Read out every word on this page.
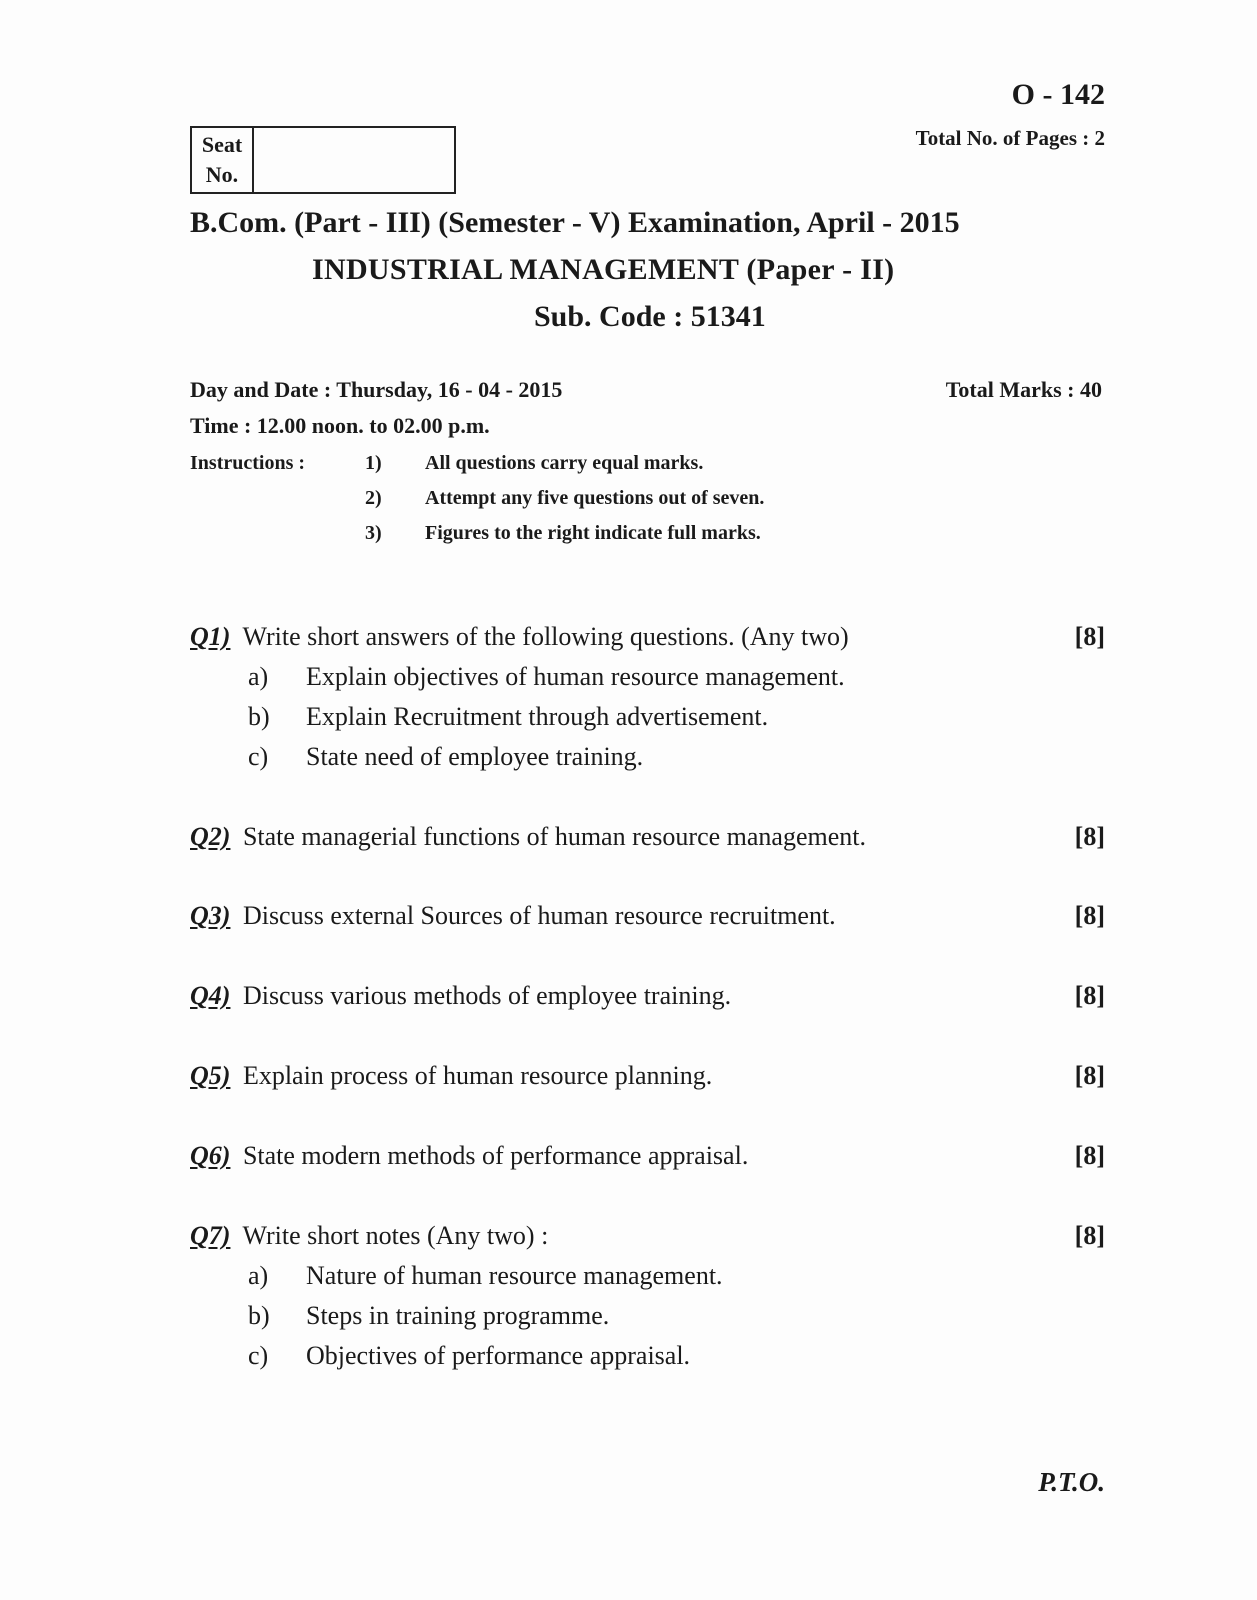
O - 142
Total No. of Pages : 2
Seat
No.
B.Com. (Part - III) (Semester - V) Examination, April - 2015
INDUSTRIAL MANAGEMENT (Paper - II)
Sub. Code : 51341
Day and Date : Thursday, 16 - 04 - 2015	Total Marks : 40
Time : 12.00 noon. to 02.00 p.m.
Instructions :	1) All questions carry equal marks.
2) Attempt any five questions out of seven.
3) Figures to the right indicate full marks.
Q1) Write short answers of the following questions. (Any two)	[8]
a) Explain objectives of human resource management.
b) Explain Recruitment through advertisement.
c) State need of employee training.
Q2) State managerial functions of human resource management.	[8]
Q3) Discuss external Sources of human resource recruitment.	[8]
Q4) Discuss various methods of employee training.	[8]
Q5) Explain process of human resource planning.	[8]
Q6) State modern methods of performance appraisal.	[8]
Q7) Write short notes (Any two) :	[8]
a) Nature of human resource management.
b) Steps in training programme.
c) Objectives of performance appraisal.
P.T.O.
